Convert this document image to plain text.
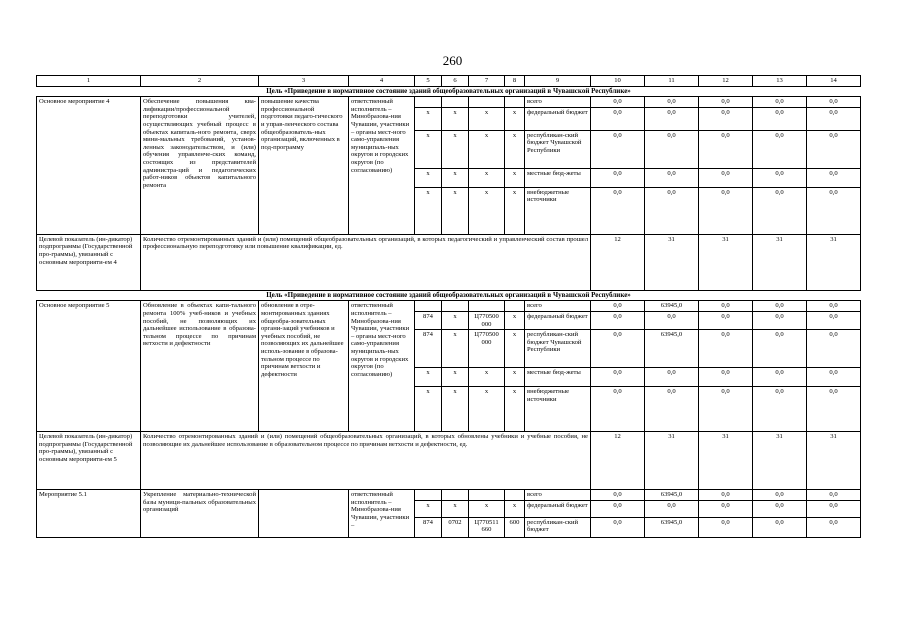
260
1	2	3	4	5	6	7	8	9	10	11	12	13	14
Цель «Приведение в нормативное состояние зданий общеобразовательных организаций в Чувашской Республике»													
Основное мероприятие 4	Обеспечение повышения ква-лификации/профессиональной переподготовки учителей, осуществляющих учебный процесс в объектах капиталь-ного ремонта, сверх мини-мальных требований, установ-ленных законодательством, и (или) обучения управленче-ских команд, состоящих из представителей администра-ций и педагогических работ-ников объектов капитального ремонта	повышение качества профессиональной подготовки педаго-гического и управ-ленческого состава общеобразователь-ных организаций, включенных в под-программу	ответственный исполнитель – Минобразова-ния Чувашии, участники – органы мест-ного само-управления муниципаль-ных округов и городских округов (по согласованию)					всего	0,0	0,0	0,0	0,0	0,0
				x	x	x	x	федеральный бюджет	0,0	0,0	0,0	0,0	0,0
				x	x	x	x	республикан-ский бюджет Чувашской Республики	0,0	0,0	0,0	0,0	0,0
				x	x	x	x	местные бюд-жеты	0,0	0,0	0,0	0,0	0,0
				x	x	x	x	внебюджетные источники	0,0	0,0	0,0	0,0	0,0
Целевой показатель (ин-дикатор) подпрограммы (Государственной про-граммы), увязанный с основным мероприяти-ем 4	Количество отремонтированных зданий и (или) помещений общеобразовательных организаций, в которых педагогический и управленческий состав прошел профессиональную переподготовку или повышение квалификации, ед.								12	31	31	31	31
Цель «Приведение в нормативное состояние зданий общеобразовательных организаций в Чувашской Республике»													
Основное мероприятие 5	Обновление в объектах капи-тального ремонта 100% учеб-ников и учебных пособий, не позволяющих их дальнейшее использование в образова-тельном процессе по причинам ветхости и дефектности	обновление в отре-монтированных зданиях общеобра-зовательных органи-заций учебников и учебных пособий, не позволяющих их дальнейшее исполь-зование в образова-тельном процессе по причинам ветхости и дефектности	ответственный исполнитель – Минобразова-ния Чувашии, участники – органы мест-ного само-управления муниципаль-ных округов и городских округов (по согласованию)					всего	0,0	63945,0	0,0	0,0	0,0
				874	x	Ц770500 000	x	федеральный бюджет	0,0	0,0	0,0	0,0	0,0
				874	x	Ц770500 000	x	республикан-ский бюджет Чувашской Республики	0,0	63945,0	0,0	0,0	0,0
				x	x	x	x	местные бюд-жеты	0,0	0,0	0,0	0,0	0,0
				x	x	x	x	внебюджетные источники	0,0	0,0	0,0	0,0	0,0
Целевой показатель (ин-дикатор) подпрограммы (Государственной про-граммы), увязанный с основным мероприяти-ем 5	Количество отремонтированных зданий и (или) помещений общеобразовательных организаций, в которых обновлены учебники и учебные пособия, не позволяющие их дальнейшее использование в образовательном процессе по причинам ветхости и дефектности, ед.								12	31	31	31	31
Мероприятие 5.1	Укрепление материально-технической базы муници-пальных образовательных организаций		ответственный исполнитель – Минобразова-ния Чувашии, участники –					всего	0,0	63945,0	0,0	0,0	0,0
				x	x	x	x	федеральный бюджет	0,0	0,0	0,0	0,0	0,0
				874	0702	Ц770511 660	600	республикан-ский бюджет	0,0	63945,0	0,0	0,0	0,0
